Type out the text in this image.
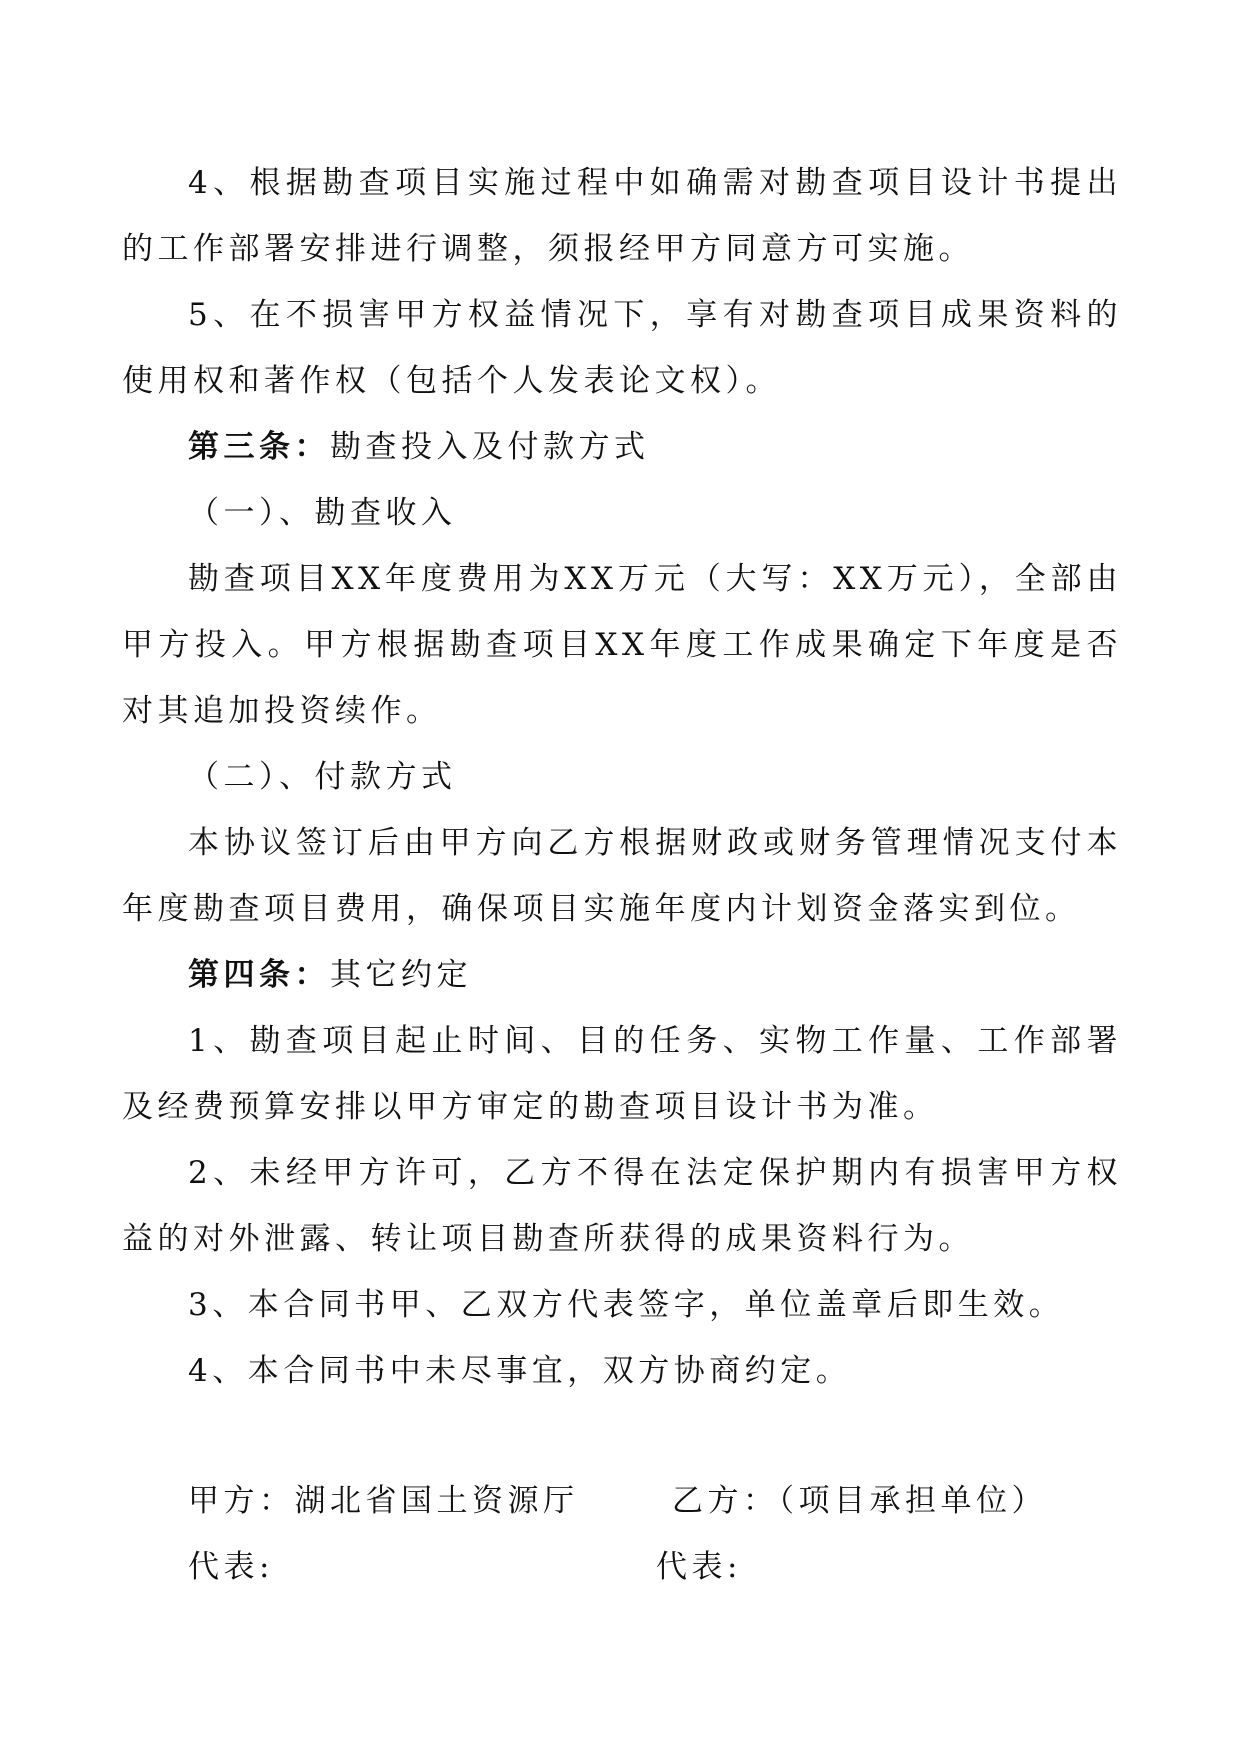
4、根据勘查项目实施过程中如确需对勘查项目设计书提出的工作部署安排进行调整，须报经甲方同意方可实施。

5、在不损害甲方权益情况下，享有对勘查项目成果资料的使用权和著作权（包括个人发表论文权）。

第三条：勘查投入及付款方式
（一）、勘查收入

勘查项目XX年度费用为XX万元（大写：XX万元），全部由甲方投入。甲方根据勘查项目XX年度工作成果确定下年度是否对其追加投资续作。

（二）、付款方式

本协议签订后由甲方向乙方根据财政或财务管理情况支付本年度勘查项目费用，确保项目实施年度内计划资金落实到位。

第四条：其它约定

1、勘查项目起止时间、目的任务、实物工作量、工作部署及经费预算安排以甲方审定的勘查项目设计书为准。

2、未经甲方许可，乙方不得在法定保护期内有损害甲方权益的对外泄露、转让项目勘查所获得的成果资料行为。

3、本合同书甲、乙双方代表签字，单位盖章后即生效。
4、本合同书中未尽事宜，双方协商约定。
甲方：湖北省国土资源厅	乙方：（项目承担单位）
代表:	代表:
